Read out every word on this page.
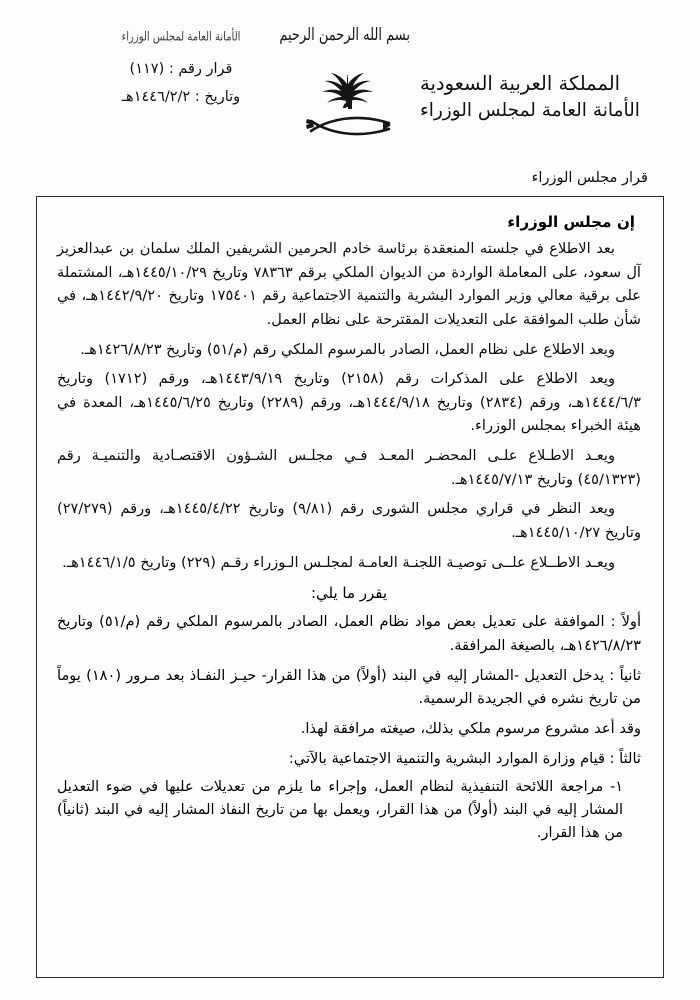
الأمانة العامة لمجلس الوزراء
قرار رقم : (١١٧)
وتاريخ : ١٤٤٦/٢/٢هـ
بسم الله الرحمن الرحيم
المملكة العربية السعودية
الأمانة العامة لمجلس الوزراء
قرار مجلس الوزراء
إن مجلس الوزراء

بعد الاطلاع في جلسته المنعقدة برئاسة خادم الحرمين الشريفين الملك سلمان بن عبدالعزيز آل سعود، على المعاملة الواردة من الديوان الملكي برقم ٧٨٣٦٣ وتاريخ ١٤٤٥/١٠/٢٩هـ، المشتملة على برقية معالي وزير الموارد البشرية والتنمية الاجتماعية رقم ١٧٥٤٠١ وتاريخ ١٤٤٢/٩/٢٠هـ، في شأن طلب الموافقة على التعديلات المقترحة على نظام العمل.

ويعد الاطلاع على نظام العمل، الصادر بالمرسوم الملكي رقم (م/٥١) وتاريخ ١٤٢٦/٨/٢٣هـ.

ويعد الاطلاع على المذكرات رقم (٢١٥٨) وتاريخ ١٤٤٣/٩/١٩هـ، ورقم (١٧١٢) وتاريخ ١٤٤٤/٦/٣هـ، ورقم (٢٨٣٤) وتاريخ ١٤٤٤/٩/١٨هـ، ورقم (٢٢٨٩) وتاريخ ١٤٤٥/٦/٢٥هـ، المعدة في هيئة الخبراء بمجلس الوزراء.

ويعـد الاطـلاع علـى المحضـر المعـد فـي مجلـس الشـؤون الاقتصـادية والتنميـة رقم (٤٥/١٣٢٣) وتاريخ ١٤٤٥/٧/١٣هـ.

ويعد النظر في قراري مجلس الشورى رقم (٩/٨١) وتاريخ ١٤٤٥/٤/٢٢هـ، ورقم (٢٧/٢٧٩) وتاريخ ١٤٤٥/١٠/٢٧هـ.

ويعـد الاطــلاع علــى توصيـة اللجنـة العامـة لمجلـس الـوزراء رقـم (٢٢٩) وتاريخ ١٤٤٦/١/٥هـ.

يقرر ما يلي:

أولاً : الموافقة على تعديل بعض مواد نظام العمل، الصادر بالمرسوم الملكي رقم (م/٥١) وتاريخ ١٤٢٦/٨/٢٣هـ، بالصيغة المرافقة.

ثانياً : يدخل التعديل -المشار إليه في البند (أولاً) من هذا القرار- حيـز النفـاذ بعد مـرور (١٨٠) يوماً من تاريخ نشره في الجريدة الرسمية.

وقد أعد مشروع مرسوم ملكي بذلك، صيغته مرافقة لهذا.

ثالثاً : قيام وزارة الموارد البشرية والتنمية الاجتماعية بالآتي:

١- مراجعة اللائحة التنفيذية لنظام العمل، وإجراء ما يلزم من تعديلات عليها في ضوء التعديل المشار إليه في البند (أولاً) من هذا القرار، ويعمل بها من تاريخ النفاذ المشار إليه في البند (ثانياً) من هذا القرار.
